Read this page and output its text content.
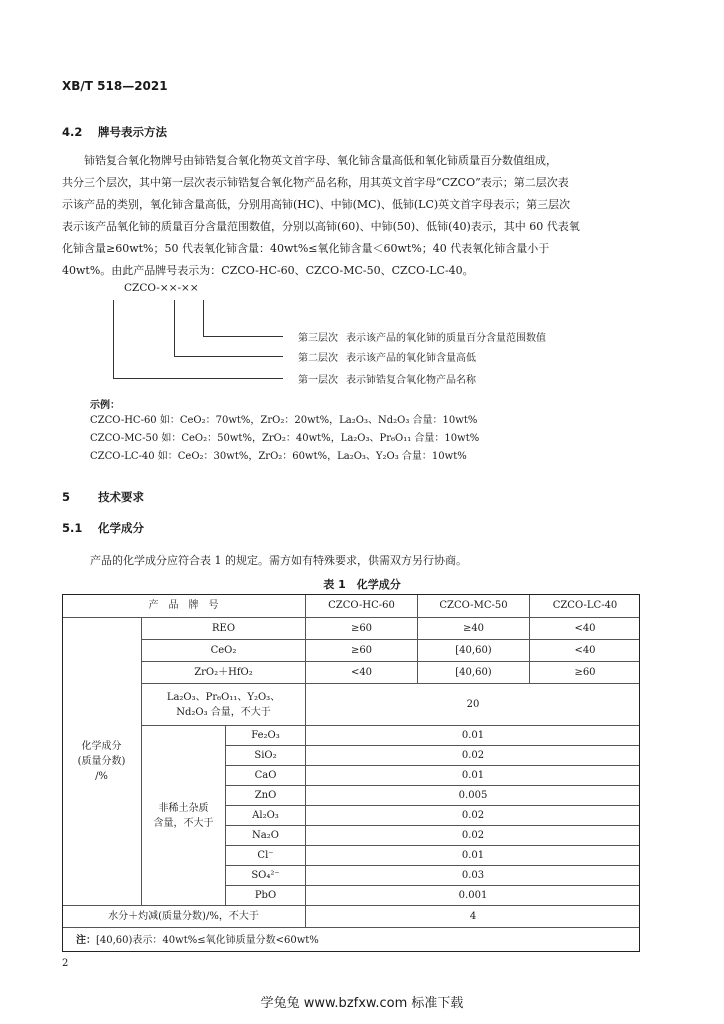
XB/T 518—2021
4.2 牌号表示方法
铈锆复合氧化物牌号由铈锆复合氧化物英文首字母、氧化铈含量高低和氧化铈质量百分数值组成，
共分三个层次，其中第一层次表示铈锆复合氧化物产品名称，用其英文首字母“CZCO”表示；第二层次表
示该产品的类别，氧化铈含量高低，分别用高铈(HC)、中铈(MC)、低铈(LC)英文首字母表示；第三层次
表示该产品氧化铈的质量百分含量范围数值，分别以高铈(60)、中铈(50)、低铈(40)表示，其中 60 代表氧
化铈含量≥60wt%；50 代表氧化铈含量：40wt%≤氧化铈含量＜60wt%；40 代表氧化铈含量小于
40wt%。由此产品牌号表示为：CZCO-HC-60、CZCO-MC-50、CZCO-LC-40。
CZCO-××-××
第三层次 表示该产品的氧化铈的质量百分含量范围数值
第二层次 表示该产品的氧化铈含量高低
第一层次 表示铈锆复合氧化物产品名称
示例：
CZCO-HC-60 如：CeO₂：70wt%，ZrO₂：20wt%，La₂O₃、Nd₂O₃ 合量：10wt%
CZCO-MC-50 如：CeO₂：50wt%，ZrO₂：40wt%，La₂O₃、Pr₆O₁₁ 合量：10wt%
CZCO-LC-40 如：CeO₂：30wt%，ZrO₂：60wt%，La₂O₃、Y₂O₃ 合量：10wt%
5 技术要求
5.1 化学成分
产品的化学成分应符合表 1 的规定。需方如有特殊要求，供需双方另行协商。
表 1　化学成分
产　品　牌　号	CZCO-HC-60	CZCO-MC-50	CZCO-LC-40
化学成分
(质量分数)
/%
REO	≥60	≥40	<40
CeO₂	≥60	[40,60)	<40
ZrO₂＋HfO₂	<40	[40,60)	≥60
La₂O₃、Pr₆O₁₁、Y₂O₃、
Nd₂O₃ 合量，不大于
20
非稀土杂质
含量，不大于
Fe₂O₃	0.01
SiO₂	0.02
CaO	0.01
ZnO	0.005
Al₂O₃	0.02
Na₂O	0.02
Cl⁻	0.01
SO₄²⁻	0.03
PbO	0.001
水分＋灼减(质量分数)/%，不大于	4
注： [40,60)表示：40wt%≤氧化铈质量分数<60wt%
2
学兔兔 www.bzfxw.com 标准下载
